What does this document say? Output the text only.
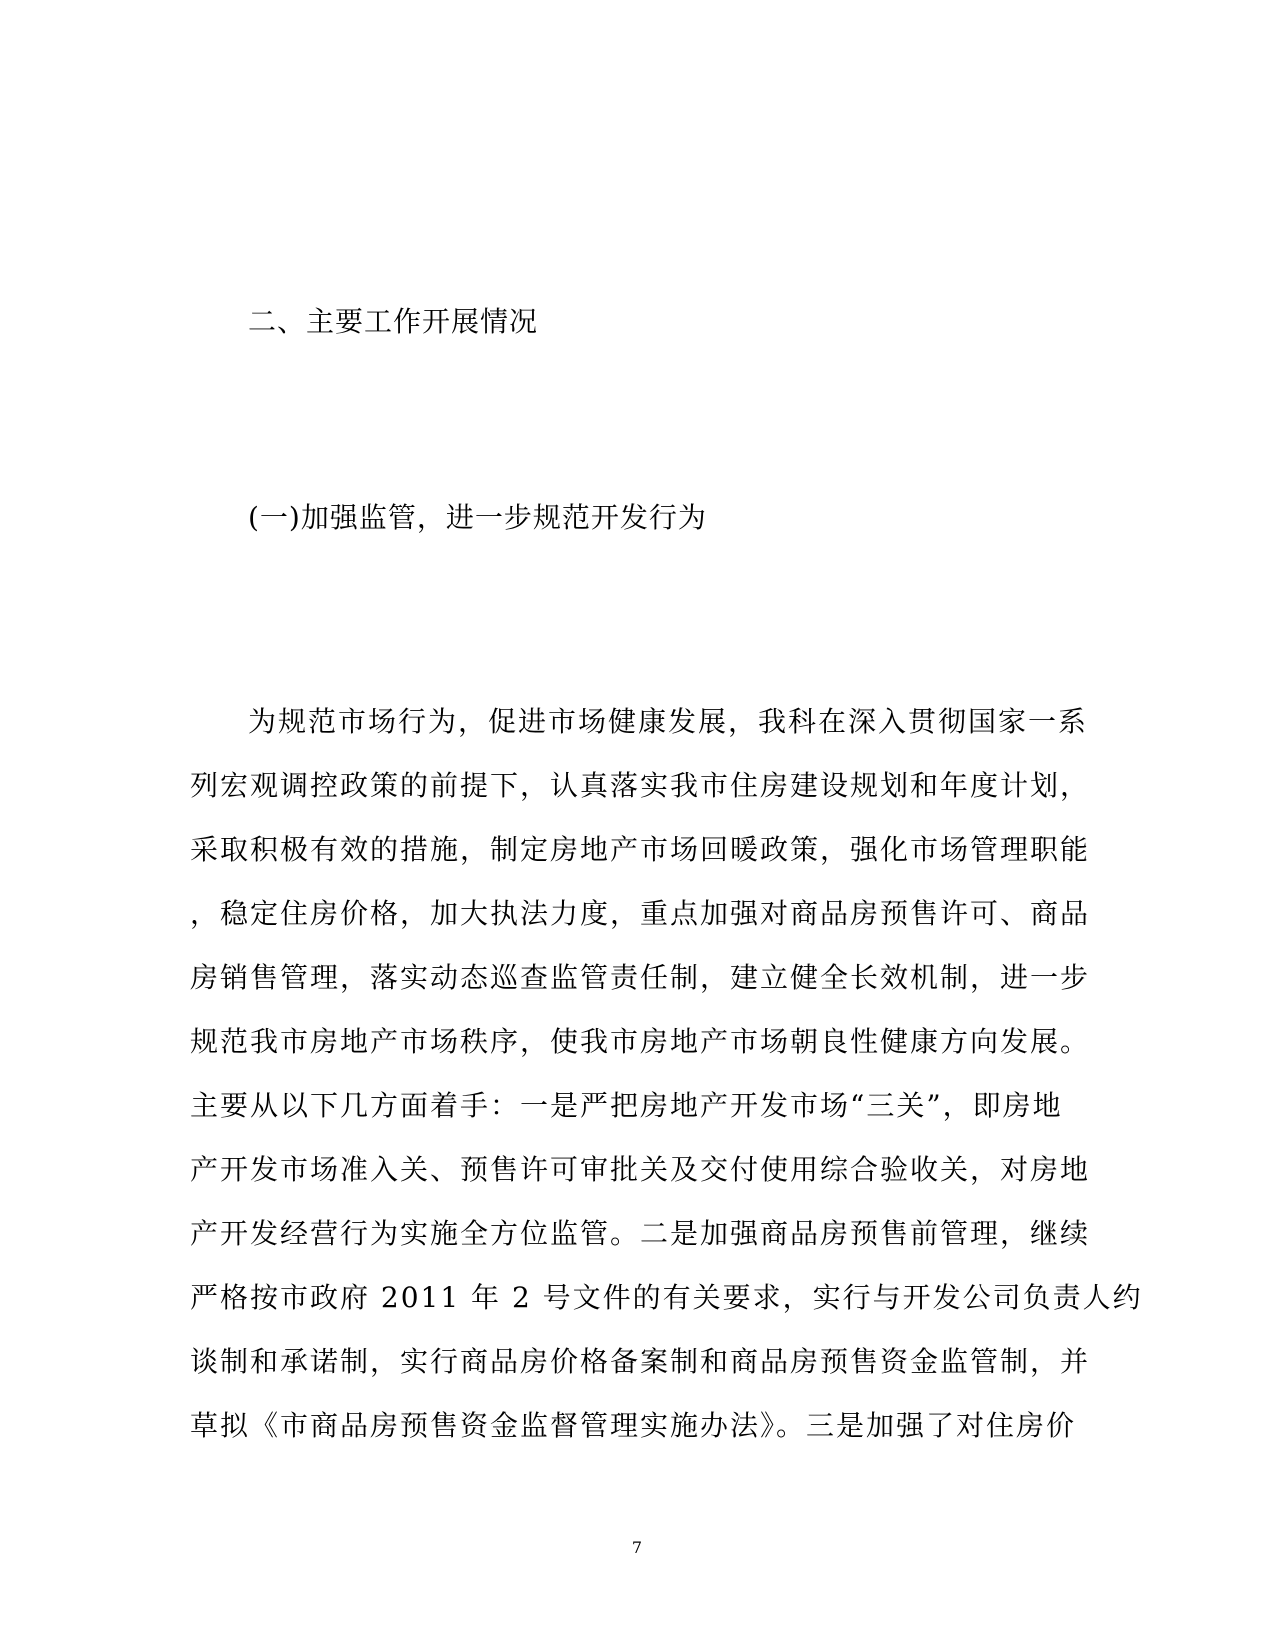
二、主要工作开展情况
(一)加强监管，进一步规范开发行为
为规范市场行为，促进市场健康发展，我科在深入贯彻国家一系
列宏观调控政策的前提下，认真落实我市住房建设规划和年度计划，
采取积极有效的措施，制定房地产市场回暖政策，强化市场管理职能
，稳定住房价格，加大执法力度，重点加强对商品房预售许可、商品
房销售管理，落实动态巡查监管责任制，建立健全长效机制，进一步
规范我市房地产市场秩序，使我市房地产市场朝良性健康方向发展。
主要从以下几方面着手：一是严把房地产开发市场“三关”，即房地
产开发市场准入关、预售许可审批关及交付使用综合验收关，对房地
产开发经营行为实施全方位监管。二是加强商品房预售前管理，继续
严格按市政府 2011 年 2 号文件的有关要求，实行与开发公司负责人约
谈制和承诺制，实行商品房价格备案制和商品房预售资金监管制，并
草拟《市商品房预售资金监督管理实施办法》。三是加强了对住房价
7
